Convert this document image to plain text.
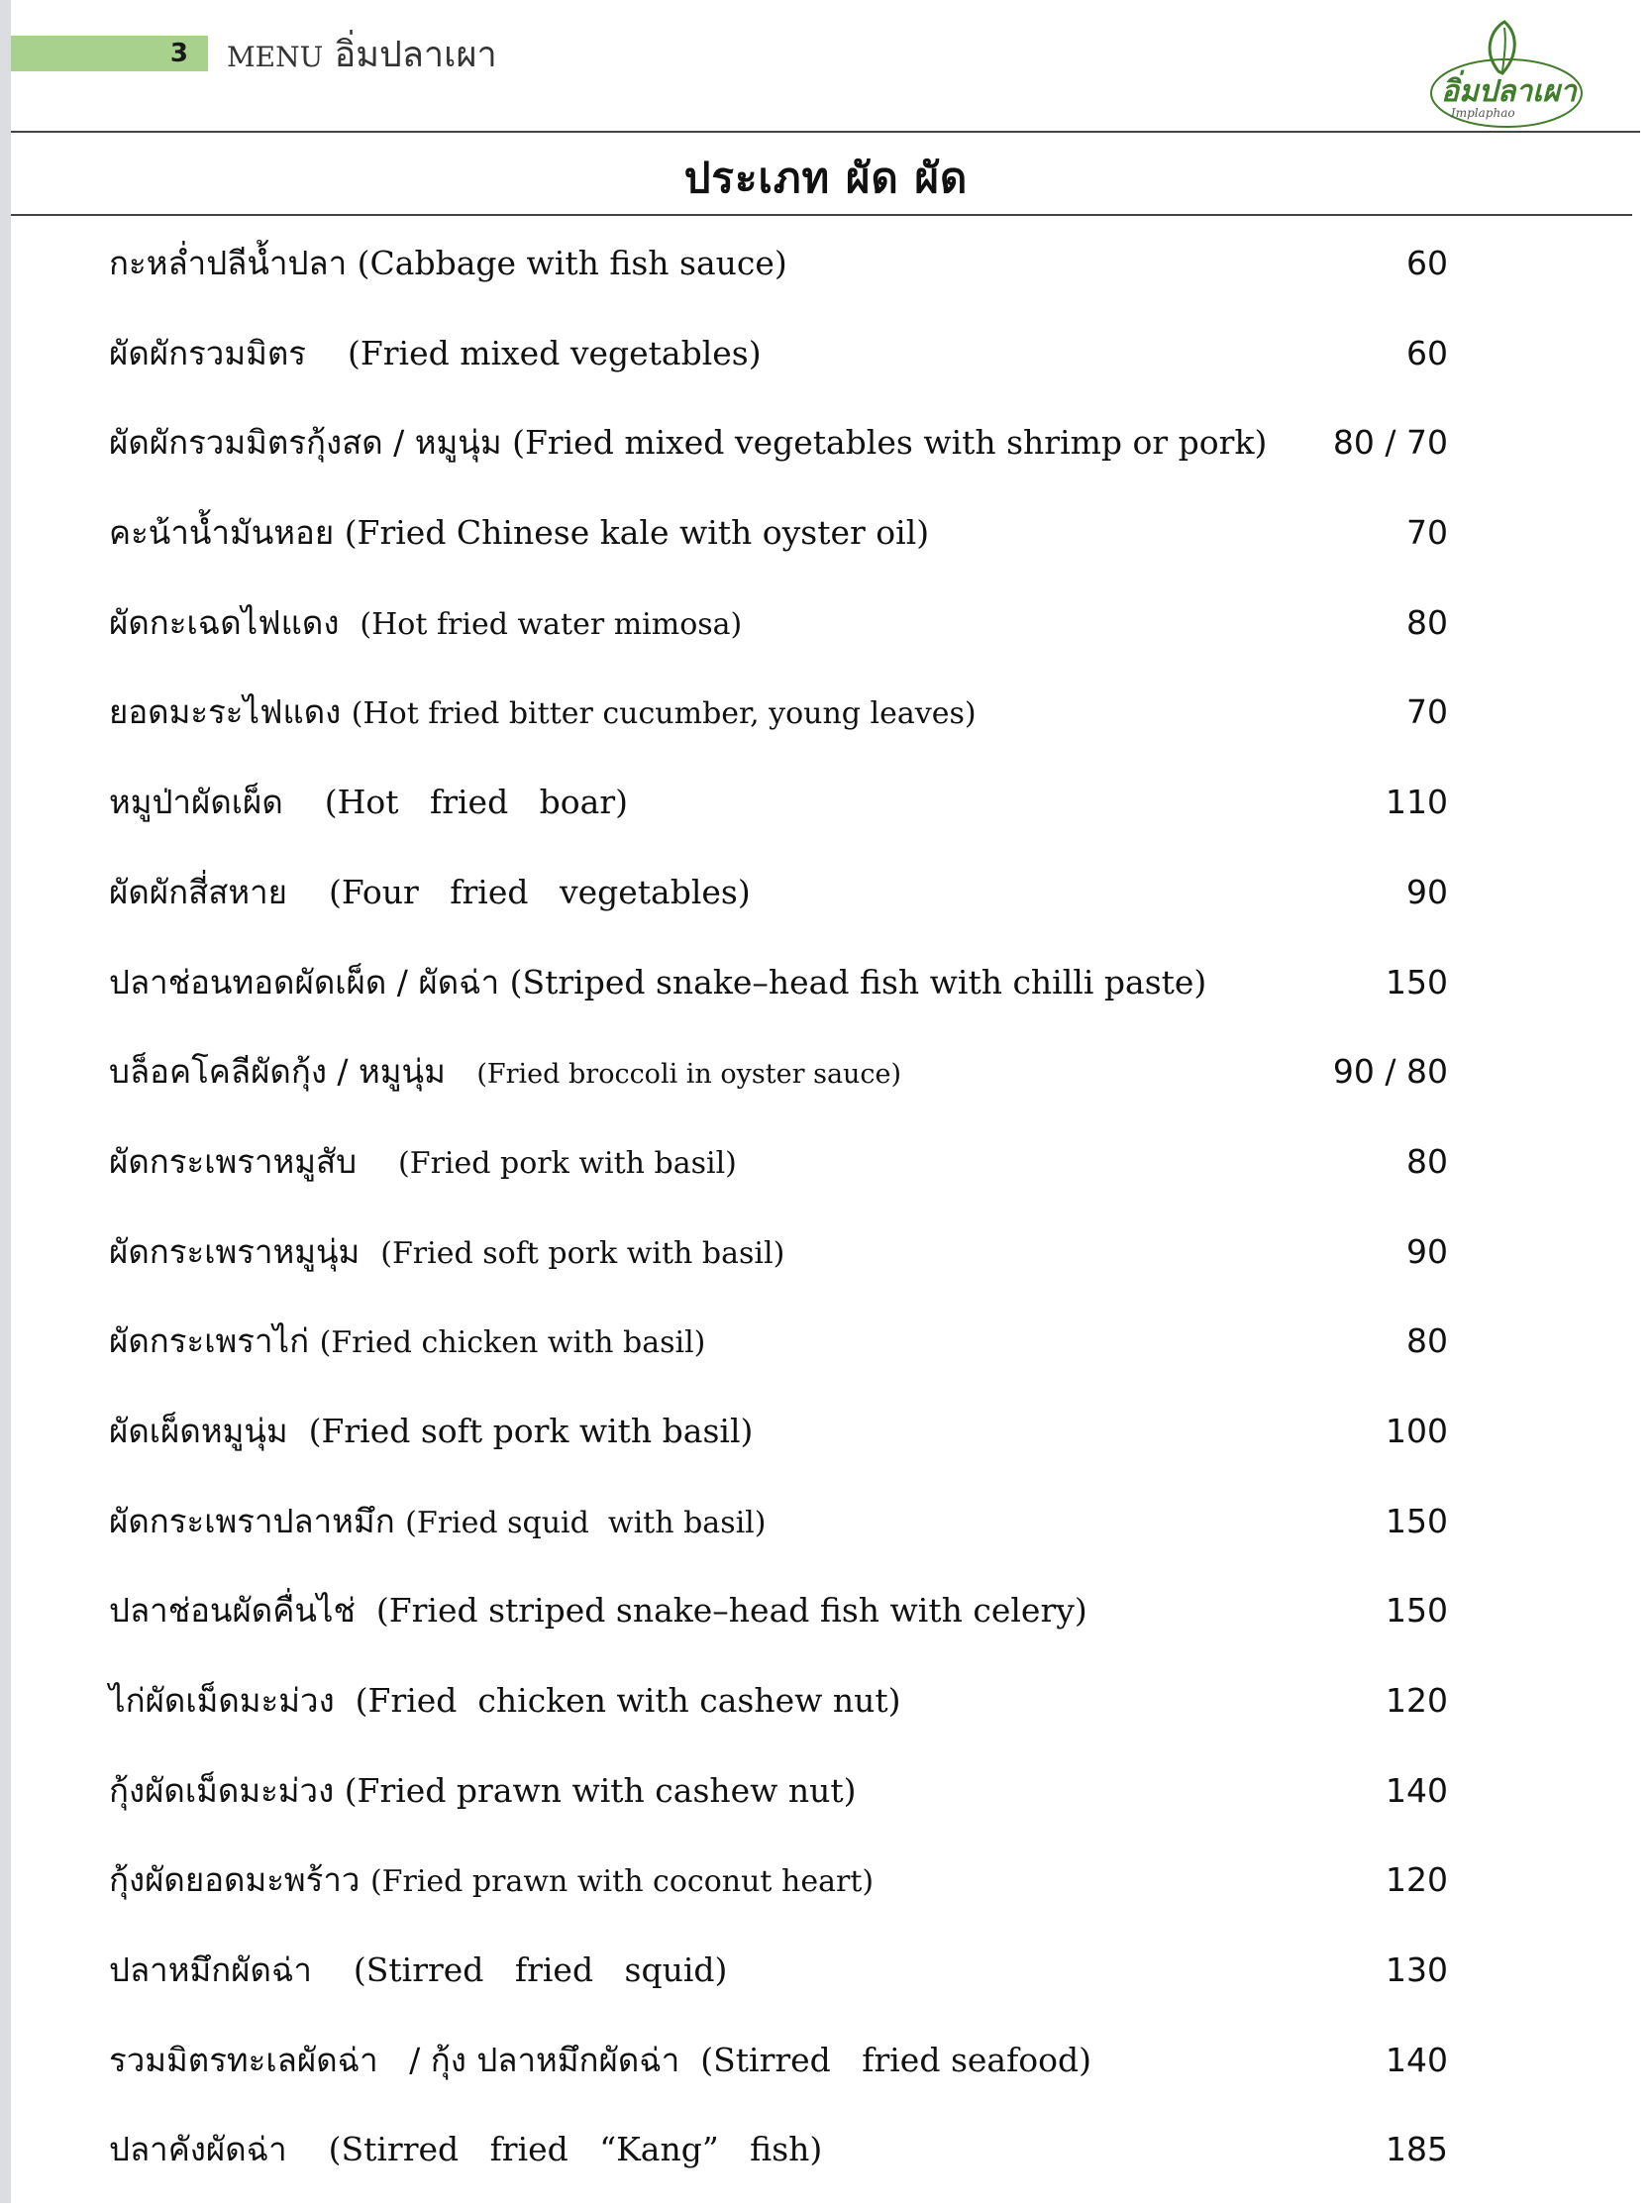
3	MENU อิ่มปลาเผา
อิ่มปลาเผา
Implaphao
ประเภท ผัด ผัด
กะหล่ำปลีน้ำปลา (Cabbage with fish sauce)	60
ผัดผักรวมมิตร    (Fried mixed vegetables)	60
ผัดผักรวมมิตรกุ้งสด / หมูนุ่ม (Fried mixed vegetables with shrimp or pork) 80 / 70
คะน้าน้ำมันหอย (Fried Chinese kale with oyster oil)	70
ผัดกะเฉดไฟแดง  (Hot fried water mimosa)	80
ยอดมะระไฟแดง (Hot fried bitter cucumber, young leaves)	70
หมูป่าผัดเผ็ด    (Hot   fried   boar)	110
ผัดผักสี่สหาย    (Four   fried   vegetables)	90
ปลาช่อนทอดผัดเผ็ด / ผัดฉ่า (Striped snake–head fish with chilli paste)	150
บล็อคโคลีผัดกุ้ง / หมูนุ่ม   (Fried broccoli in oyster sauce)	90 / 80
ผัดกระเพราหมูสับ    (Fried pork with basil)	80
ผัดกระเพราหมูนุ่ม  (Fried soft pork with basil)	90
ผัดกระเพราไก่ (Fried chicken with basil)	80
ผัดเผ็ดหมูนุ่ม  (Fried soft pork with basil)	100
ผัดกระเพราปลาหมึก (Fried squid  with basil)	150
ปลาช่อนผัดคื่นไช่  (Fried striped snake–head fish with celery)	150
ไก่ผัดเม็ดมะม่วง  (Fried  chicken with cashew nut)	120
กุ้งผัดเม็ดมะม่วง (Fried prawn with cashew nut)	140
กุ้งผัดยอดมะพร้าว (Fried prawn with coconut heart)	120
ปลาหมึกผัดฉ่า    (Stirred   fried   squid)	130
รวมมิตรทะเลผัดฉ่า   / กุ้ง ปลาหมึกผัดฉ่า  (Stirred   fried seafood)	140
ปลาคังผัดฉ่า    (Stirred   fried   “Kang”   fish)	185
